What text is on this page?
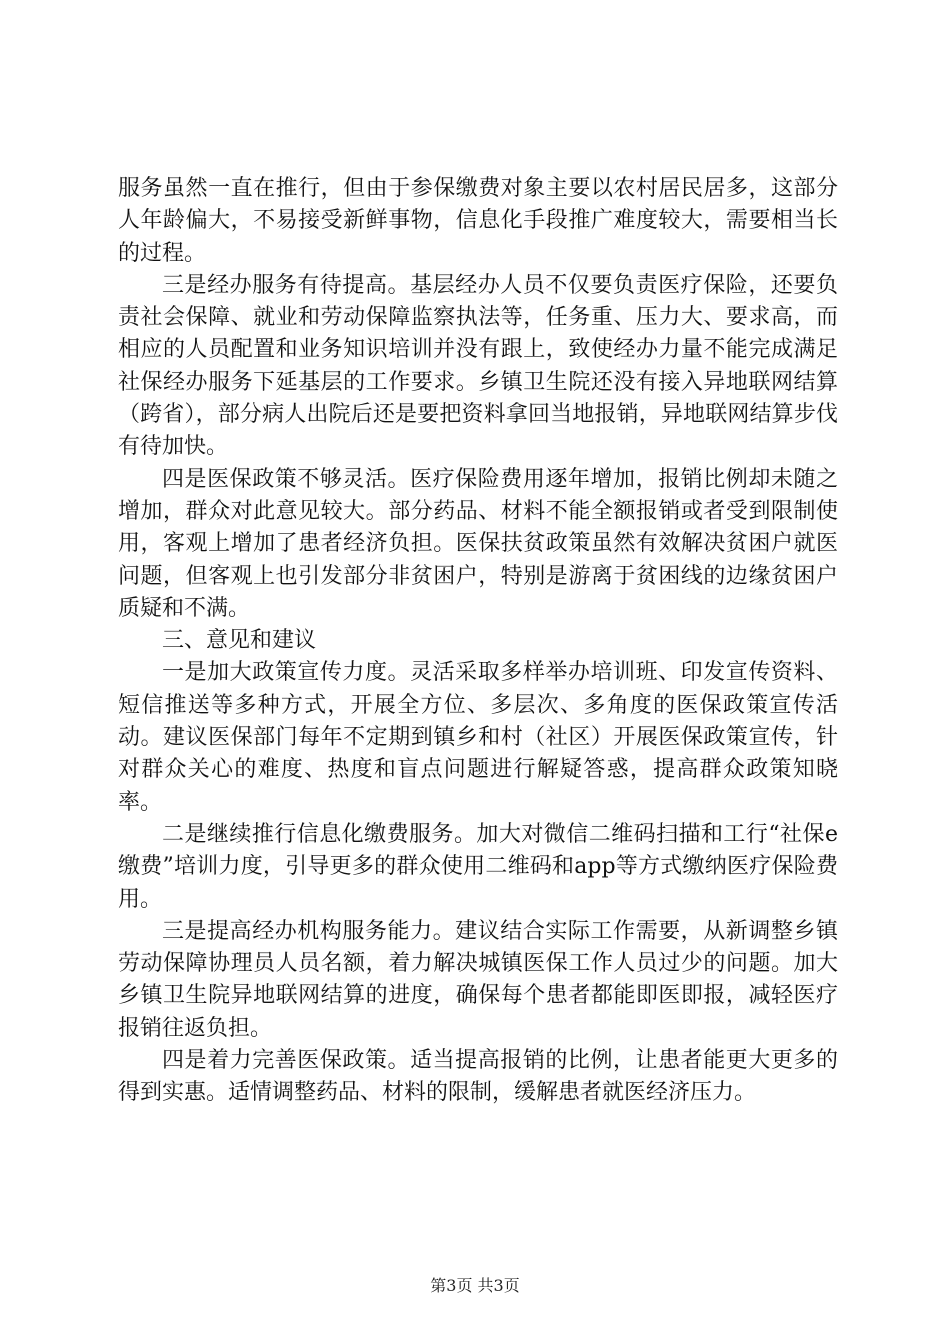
服务虽然一直在推行，但由于参保缴费对象主要以农村居民居多，这部分人年龄偏大，不易接受新鲜事物，信息化手段推广难度较大，需要相当长的过程。

三是经办服务有待提高。基层经办人员不仅要负责医疗保险，还要负责社会保障、就业和劳动保障监察执法等，任务重、压力大、要求高，而相应的人员配置和业务知识培训并没有跟上，致使经办力量不能完成满足社保经办服务下延基层的工作要求。乡镇卫生院还没有接入异地联网结算（跨省），部分病人出院后还是要把资料拿回当地报销，异地联网结算步伐有待加快。

四是医保政策不够灵活。医疗保险费用逐年增加，报销比例却未随之增加，群众对此意见较大。部分药品、材料不能全额报销或者受到限制使用，客观上增加了患者经济负担。医保扶贫政策虽然有效解决贫困户就医问题，但客观上也引发部分非贫困户，特别是游离于贫困线的边缘贫困户质疑和不满。

三、意见和建议

一是加大政策宣传力度。灵活采取多样举办培训班、印发宣传资料、短信推送等多种方式，开展全方位、多层次、多角度的医保政策宣传活动。建议医保部门每年不定期到镇乡和村（社区）开展医保政策宣传，针对群众关心的难度、热度和盲点问题进行解疑答惑，提高群众政策知晓率。

二是继续推行信息化缴费服务。加大对微信二维码扫描和工行“社保e缴费”培训力度，引导更多的群众使用二维码和app等方式缴纳医疗保险费用。

三是提高经办机构服务能力。建议结合实际工作需要，从新调整乡镇劳动保障协理员人员名额，着力解决城镇医保工作人员过少的问题。加大乡镇卫生院异地联网结算的进度，确保每个患者都能即医即报，减轻医疗报销往返负担。

四是着力完善医保政策。适当提高报销的比例，让患者能更大更多的得到实惠。适情调整药品、材料的限制，缓解患者就医经济压力。

第3页 共3页
